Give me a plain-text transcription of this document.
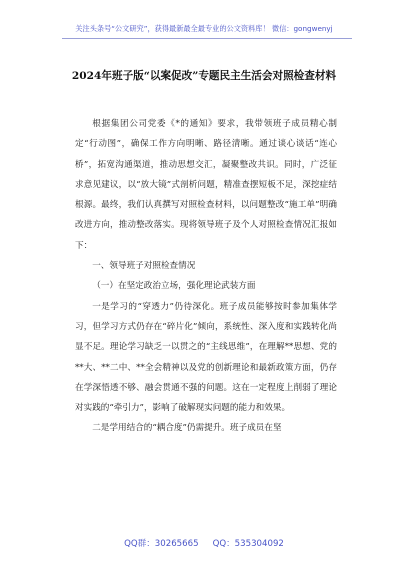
关注头条号“公文研究”，获得最新最全最专业的公文资料库！ 微信：gongwenyj
2024年班子版“以案促改”专题民主生活会对照检查材料

根据集团公司党委《*的通知》要求，我带领班子成员精心制定“行动图”，确保工作方向明晰、路径清晰。通过谈心谈话“连心桥”，拓宽沟通渠道，推动思想交汇，凝聚整改共识。同时，广泛征求意见建议，以“放大镜”式剖析问题，精准查摆短板不足，深挖症结根源。最终，我们认真撰写对照检查材料，以问题整改“施工单”明确改进方向，推动整改落实。现将领导班子及个人对照检查情况汇报如下：

一、领导班子对照检查情况

（一）在坚定政治立场，强化理论武装方面

一是学习的“穿透力”仍待深化。班子成员能够按时参加集体学习，但学习方式仍存在“碎片化”倾向，系统性、深入度和实践转化尚显不足。理论学习缺乏一以贯之的“主线思维”，在理解**思想、党的**大、**二中、**全会精神以及党的创新理论和最新政策方面，仍存在学深悟透不够、融会贯通不强的问题。这在一定程度上削弱了理论对实践的“牵引力”，影响了破解现实问题的能力和效果。

二是学用结合的“耦合度”仍需提升。班子成员在坚

QQ群：30265665 QQ：535304092
